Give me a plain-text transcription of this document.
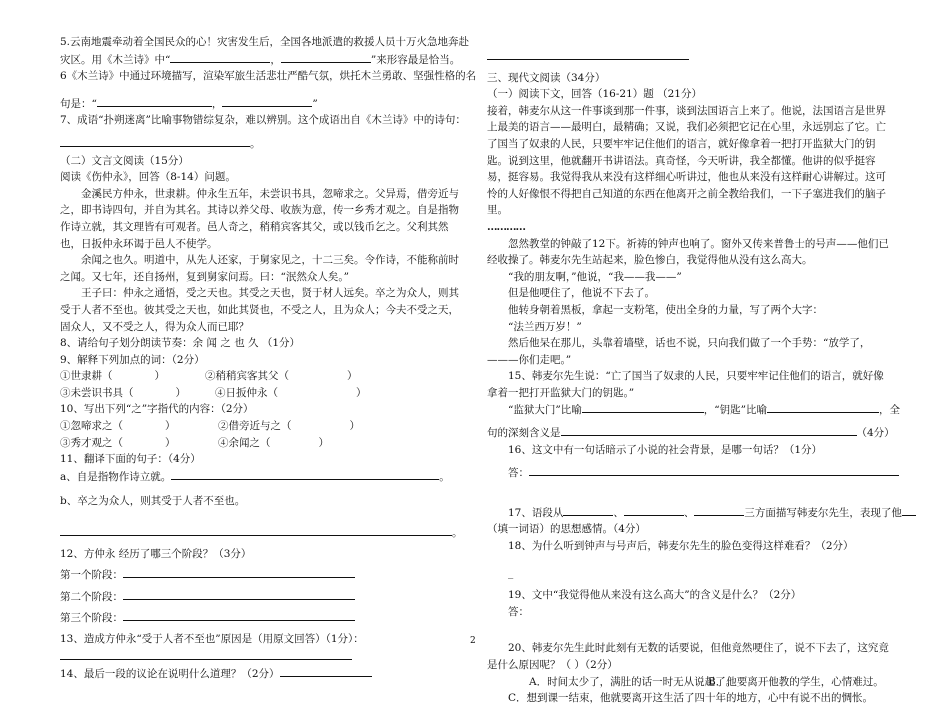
5.云南地震牵动着全国民众的心！灾害发生后，全国各地派遣的救援人员十万火急地奔赴
灾区。用《木兰诗》中“	，	”来形容最是恰当。
6《木兰诗》中通过环境描写，渲染军旅生活悲壮严酷气氛，烘托木兰勇敢、坚强性格的名
句是：“	，	”
7、成语“扑朔迷离”比喻事物错综复杂，难以辨别。这个成语出自《木兰诗》中的诗句：
。
（二）文言文阅读（15分）
阅读《伤仲永》，回答（8-14）问题。
金溪民方仲永，世隶耕。仲永生五年，未尝识书具，忽啼求之。父异焉，借旁近与之，即书诗四句，并自为其名。其诗以养父母、收族为意，传一乡秀才观之。自是指物作诗立就，其文理皆有可观者。邑人奇之，稍稍宾客其父，或以钱币乞之。父利其然也，日扳仲永环谒于邑人不使学。
余闻之也久。明道中，从先人还家，于舅家见之，十二三矣。令作诗，不能称前时之闻。又七年，还自扬州，复到舅家问焉。曰：“泯然众人矣。”
王子曰：仲永之通悟，受之天也。其受之天也，贤于材人远矣。卒之为众人，则其受于人者不至也。彼其受之天也，如此其贤也，不受之人，且为众人；今夫不受之天，固众人，又不受之人，得为众人而已耶？
8、请给句子划分朗读节奏：余 闻 之 也 久 （1分）
9、解释下列加点的词：（2分）
①世隶耕（	）	②稍稍宾客其父（	）
③未尝识书具（	）	④日扳仲永（	）
10、写出下列“之”字指代的内容：（2分）
①忽啼求之（	）	②借旁近与之（	）
③秀才观之（	）	④余闻之（	）
11、翻译下面的句子：（4分）
a、自是指物作诗立就。	。
b、卒之为众人，则其受于人者不至也。
。
12、方仲永 经历了哪三个阶段？（3分）
第一个阶段：
第二个阶段：
第三个阶段：
13、造成方仲永“受于人者不至也”原因是（用原文回答）（1分）：
14、最后一段的议论在说明什么道理？（2分）
三、现代文阅读（34分）
（一）阅读下文，回答（16-21）题 （21分）
接着，韩麦尔从这一件事谈到那一件事，谈到法国语言上来了。他说，法国语言是世界上最美的语言——最明白，最精确；又说，我们必须把它记在心里，永远别忘了它。亡了国当了奴隶的人民，只要牢牢记住他们的语言，就好像拿着一把打开监狱大门的钥匙。说到这里，他就翻开书讲语法。真奇怪，今天听讲，我全都懂。他讲的似乎挺容易，挺容易。我觉得我从来没有这样细心听讲过，他也从来没有这样耐心讲解过。这可怜的人好像恨不得把自己知道的东西在他离开之前全教给我们，一下子塞进我们的脑子里。
…………
忽然教堂的钟敲了12下。祈祷的钟声也响了。窗外又传来普鲁士的号声——他们已经收操了。韩麦尔先生站起来，脸色惨白，我觉得他从没有这么高大。
“我的朋友啊，”他说，“我——我——”
但是他哽住了，他说不下去了。
他转身朝着黑板，拿起一支粉笔，使出全身的力量，写了两个大字：
“法兰西万岁！”
然后他呆在那儿，头靠着墙壁，话也不说，只向我们做了一个手势：“放学了，———你们走吧。”
15、韩麦尔先生说：“亡了国当了奴隶的人民，只要牢牢记住他们的语言，就好像拿着一把打开监狱大门的钥匙。”
“监狱大门”比喻	，“钥匙”比喻	，全
句的深刻含义是	（4分）
16、这文中有一句话暗示了小说的社会背景，是哪一句话？（1分）
答：
17、语段从	、	、	三方面描写韩麦尔先生，表现了他
（填一词语）的思想感情。（4分）
18、为什么听到钟声与号声后，韩麦尔先生的脸色变得这样难看？（2分）
_
19、文中“我觉得他从来没有这么高大”的含义是什么？（2分）
答：
20、韩麦尔先生此时此刻有无数的话要说，但他竟然哽住了，说不下去了，这究竟是什么原因呢？（ ）（2分）
A．时间太少了，满肚的话一时无从说起了。B．他要离开他教的学生，心情难过。
C．想到课一结束，他就要离开这生活了四十年的地方，心中有说不出的惆怅。
2
